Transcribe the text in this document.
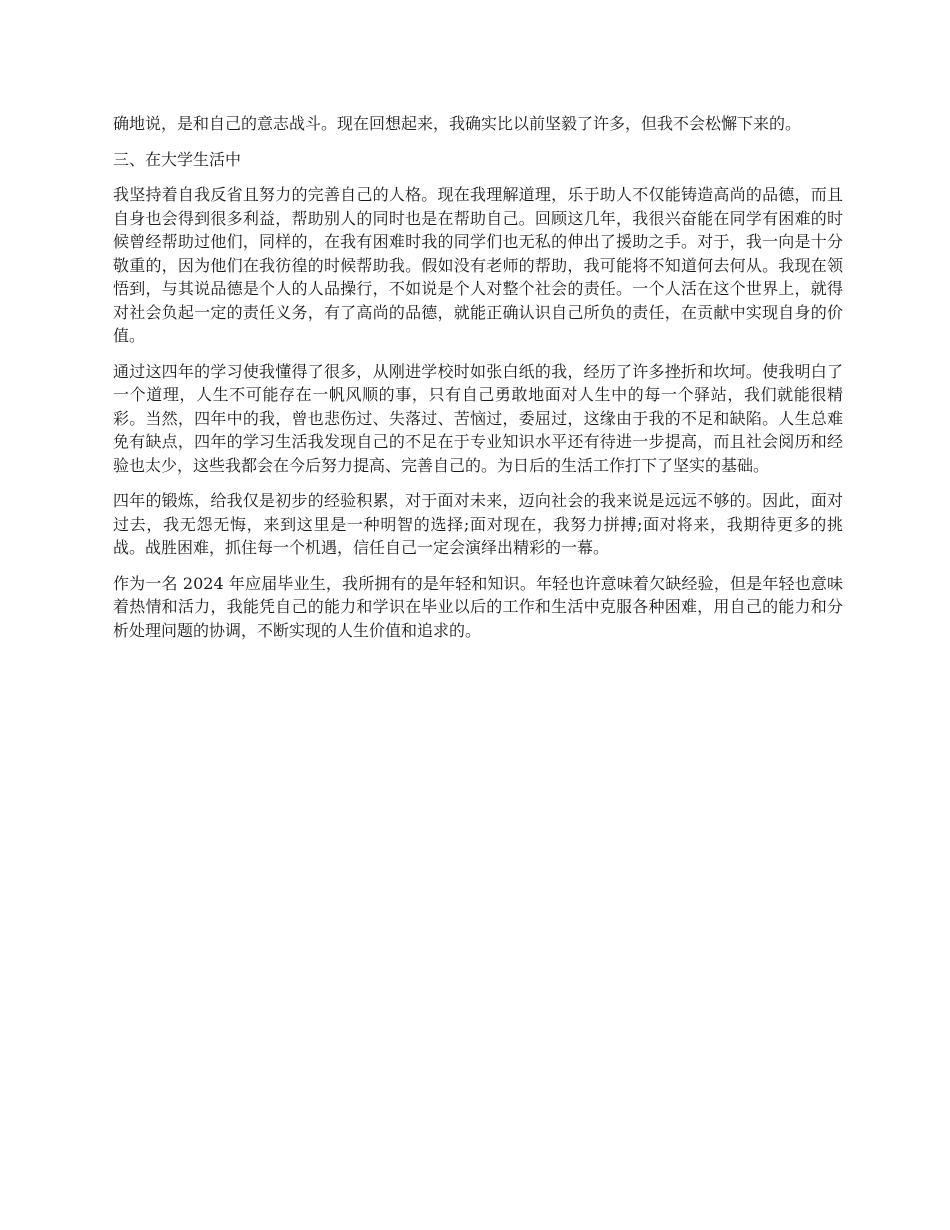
确地说，是和自己的意志战斗。现在回想起来，我确实比以前坚毅了许多，但我不会松懈下来的。

三、在大学生活中

我坚持着自我反省且努力的完善自己的人格。现在我理解道理，乐于助人不仅能铸造高尚的品德，而且自身也会得到很多利益，帮助别人的同时也是在帮助自己。回顾这几年，我很兴奋能在同学有困难的时候曾经帮助过他们，同样的，在我有困难时我的同学们也无私的伸出了援助之手。对于，我一向是十分敬重的，因为他们在我彷徨的时候帮助我。假如没有老师的帮助，我可能将不知道何去何从。我现在领悟到，与其说品德是个人的人品操行，不如说是个人对整个社会的责任。一个人活在这个世界上，就得对社会负起一定的责任义务，有了高尚的品德，就能正确认识自己所负的责任，在贡献中实现自身的价值。

通过这四年的学习使我懂得了很多，从刚进学校时如张白纸的我，经历了许多挫折和坎坷。使我明白了一个道理，人生不可能存在一帆风顺的事，只有自己勇敢地面对人生中的每一个驿站，我们就能很精彩。当然，四年中的我，曾也悲伤过、失落过、苦恼过，委屈过，这缘由于我的不足和缺陷。人生总难免有缺点，四年的学习生活我发现自己的不足在于专业知识水平还有待进一步提高，而且社会阅历和经验也太少，这些我都会在今后努力提高、完善自己的。为日后的生活工作打下了坚实的基础。

四年的锻炼，给我仅是初步的经验积累，对于面对未来，迈向社会的我来说是远远不够的。因此，面对过去，我无怨无悔，来到这里是一种明智的选择;面对现在，我努力拼搏;面对将来，我期待更多的挑战。战胜困难，抓住每一个机遇，信任自己一定会演绎出精彩的一幕。

作为一名 2024 年应届毕业生，我所拥有的是年轻和知识。年轻也许意味着欠缺经验，但是年轻也意味着热情和活力，我能凭自己的能力和学识在毕业以后的工作和生活中克服各种困难，用自己的能力和分析处理问题的协调，不断实现的人生价值和追求的。
